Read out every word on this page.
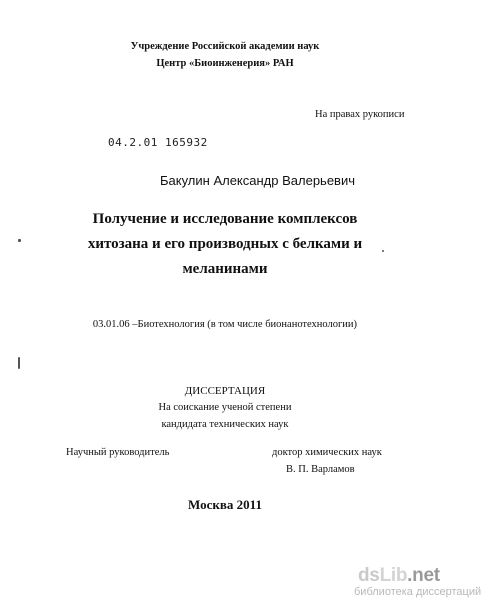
Учреждение Российской академии наук
Центр «Биоинженерия» РАН
На правах рукописи
04.2.01 165932
Бакулин Александр Валерьевич
Получение и исследование комплексов
хитозана и его производных с белками и
меланинами
03.01.06 –Биотехнология (в том числе бионанотехнологии)
ДИССЕРТАЦИЯ
На соискание ученой степени
кандидата технических наук
Научный руководитель	доктор химических наук
В. П. Варламов
Москва 2011
dsLib.net
библиотека диссертаций
